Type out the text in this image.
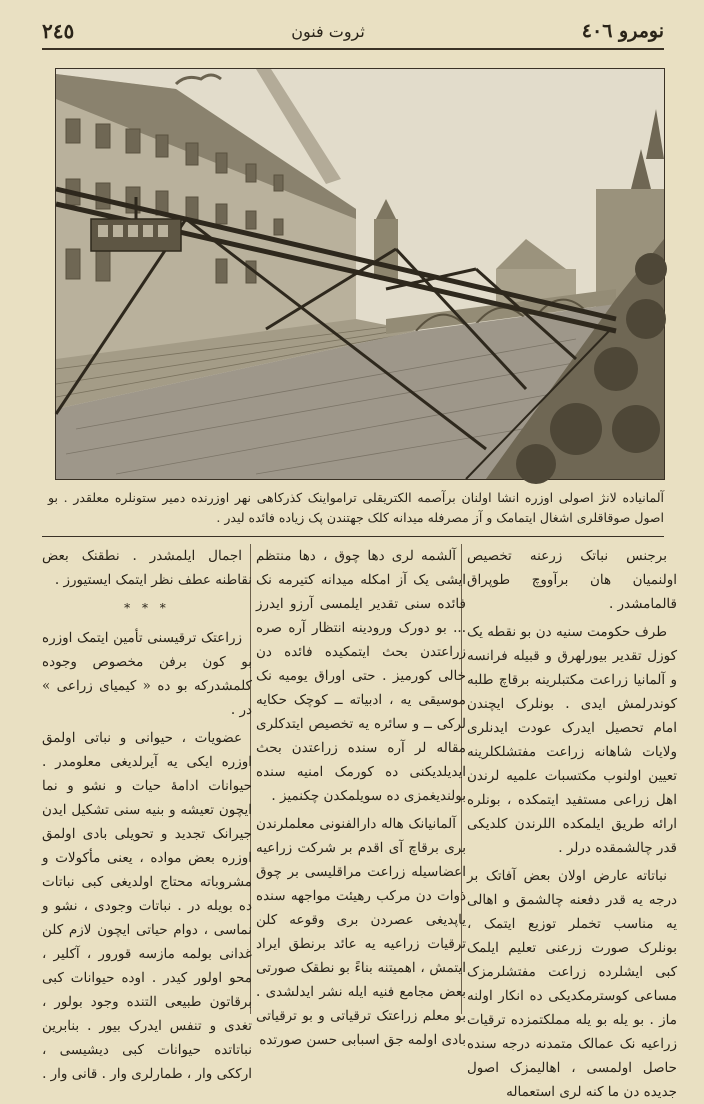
٢٤٥	ثروت فنون	نومرو ٤٠٦
آلمانياده لانژ اصولی اوزره انشا اولنان برآصمه الکتریقلی ترامواینک کذرکاهی نهر اوزرنده دمیر ستونلره معلقدر . بو اصول صوقاقلری اشغال ایتمامک و آز مصرفله میدانه کلک جهتندن پک زیاده فائده لیدر .

برجنس نباتک زرعنه تخصیص اولنمیان هان برآووچ طوپراق قالمامشدر .

طرف حکومت سنیه دن بو نقطه یک کوزل تقدیر بیورلهرق و قبیله فرانسه و آلمانیا زراعت مکتبلرینه برقاچ طلبه کوندرلمش ایدی . بونلرک ایچندن امام تحصیل ایدرک عودت ایدنلری ولایات شاهانه زراعت مفتشلکلرینه تعیین اولنوب مکتسبات علمیه لرندن اهل زراعی مستفید ایتمکده ، بونلره ارائه طریق ایلمکده اللرندن کلدیکی قدر چالشمقده درلر .

نباتاته عارض اولان بعض آفاتک بر درجه یه قدر دفعنه چالشمق و اهالی یه مناسب تخملر توزیع ایتمک ، بونلرک صورت زرعنی تعلیم ایلمک کبی ایشلرده زراعت مفتشلرمزک مساعی کوسترمکدیکی ده انکار اولنه ماز . بو یله بو یله مملکتمزده ترقیات زراعیه نک عمالک متمدنه درجه سنده حاصل اولمسی ، اهالیمزک اصول جدیده دن ما کنه لری استعماله

آلشمه لری دها چوق ، دها منتظم ایشی یک آز امکله میدانه کتیرمه نک فائده سنی تقدیر ایلمسی آرزو ایدرز ... بو دورک ورودینه انتظار آره صره زراعتدن بحث ایتمکیده فائده دن خالی کورمیز . حتی اوراق یومیه نک موسیقی یه ، ادبیاته ــ کوچک حکایه لرکی ــ و سائره یه تخصیص ایتدکلری مقاله لر آره سنده زراعتدن بحث ایدیلدیکنی ده کورمک امنیه سنده بولندیغمزی ده سویلمکدن چکنمیز .

آلمانیانک هاله دارالفنونی معلملرندن بری برقاچ آی اقدم بر شرکت زراعیه اعضاسیله زراعت مراقلیسی بر چوق ذوات دن مرکب رهیئت مواجهه سنده یاپدیغی عصردن بری وقوعه کلن ترقیات زراعیه یه عائد برنطق ایراد ایتمش ، اهمیتنه بناءً بو نطقک صورتی بعض مجامع فنیه ایله نشر ایدلشدی . بو معلم زراعتک ترقیاتی و بو ترقیاتی بادی اولمه جق اسبابی حسن صورتده

اجمال ایلمشدر . نطقنک بعض نقاطنه عطف نظر ایتمک ایستیورز .

* * *

زراعتک ترقیسنی تأمین ایتمک اوزره بو کون برفن مخصوص وجوده کلمشدرکه بو ده « کیمیای زراعی » در .

عضویات ، حیوانی و نباتی اولمق اوزره ایکی یه آیرلدیغی معلومدر . حیوانات ادامهٔ حیات و نشو و نما ایچون تعیشه و بنیه سنی تشکیل ایدن جیرانک تجدید و تحویلی بادی اولمق اوزره بعض مواده ، یعنی مأکولات و مشروباته محتاج اولدیغی کبی نباتات ده بویله در . نباتات وجودی ، نشو و نماسی ، دوام حیاتی ایچون لازم کلن غدانی بولمه مازسه قورور ، آکلیر ، محو اولور کیدر . اوده حیوانات کبی برقاتون طبیعی التنده وجود بولور ، تغدی و تنفس ایدرک بیور . بنابرین نباتاتده حیوانات کبی دیشیسی ، ارککی وار ، طمارلری وار . قانی وار .
